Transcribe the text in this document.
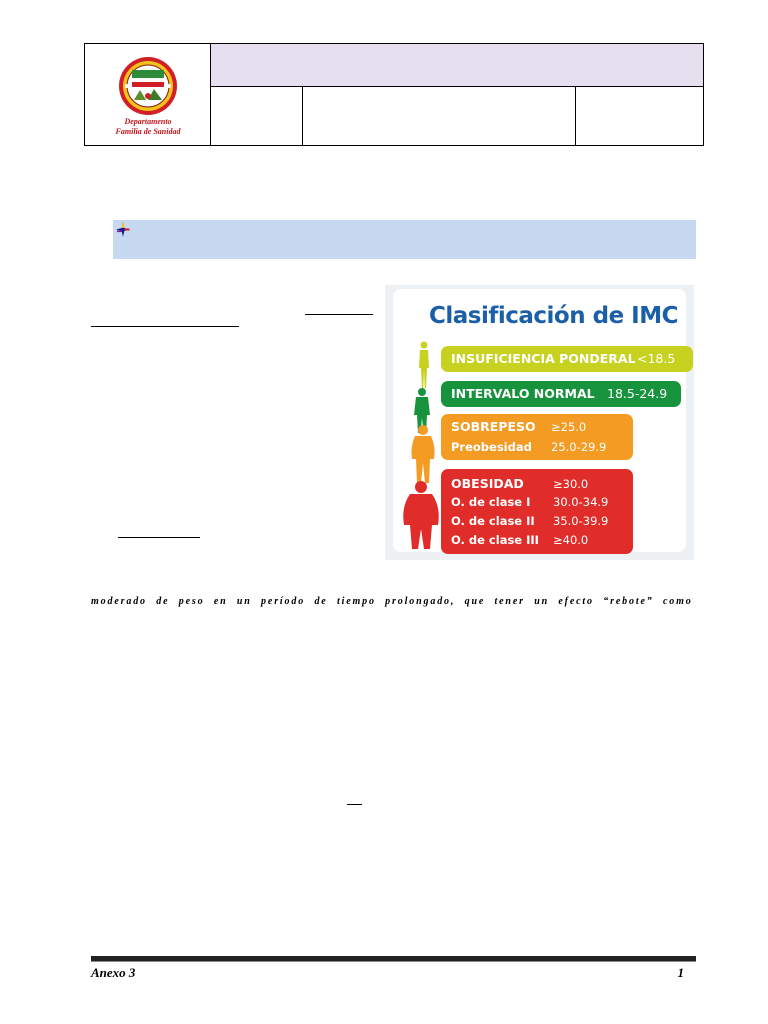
Departamento
Familia de Sanidad
Clasificación de IMC
INSUFICIENCIA PONDERAL <18.5
INTERVALO NORMAL 18.5-24.9
SOBREPESO ≥25.0
Preobesidad 25.0-29.9
OBESIDAD	≥30.0
O. de clase I 30.0-34.9
O. de clase II 35.0-39.9
O. de clase III ≥40.0
moderado de peso en un período de tiempo prolongado, que tener un efecto “rebote” como
Anexo 3	1
